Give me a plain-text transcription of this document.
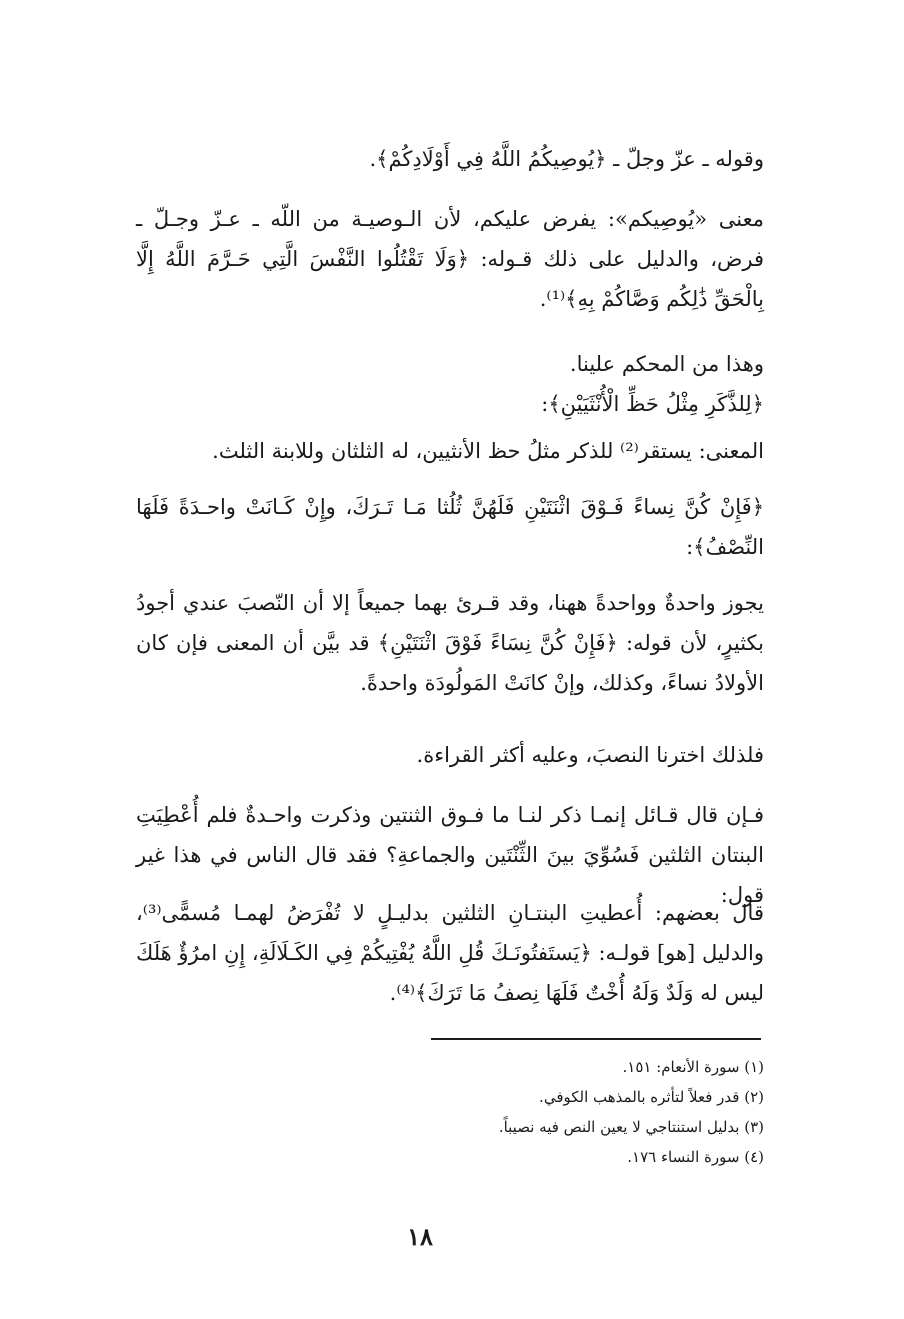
وقوله ـ عزّ وجلّ ـ ﴿يُوصِيكُمُ اللَّهُ فِي أَوْلَادِكُمْ﴾.

معنى «يُوصِيكم»: يفرض عليكم، لأن الـوصيـة من اللّه ـ عـزّ وجـلّ ـ فرض، والدليل على ذلك قـوله: ﴿وَلَا تَقْتُلُوا النَّفْسَ الَّتِي حَـرَّمَ اللَّهُ إِلَّا بِالْحَقِّ ذَٰلِكُم وَصَّاكُمْ بِهِ﴾⁽¹⁾.

وهذا من المحكم علينا.
﴿لِلذَّكَرِ مِثْلُ حَظِّ الْأُنْثَيَيْنِ﴾:

المعنى: يستقر⁽²⁾ للذكر مثلُ حظ الأنثيين، له الثلثان وللابنة الثلث.

﴿فَإِنْ كُنَّ نِساءً فَـوْقَ اثْنَتَيْنِ فَلَهُنَّ ثُلُثا مَـا تَـرَكَ، وإِنْ كَـانَتْ واحـدَةً فَلَهَا النِّصْفُ﴾:

يجوز واحدةٌ وواحدةً ههنا، وقد قـرئ بهما جميعاً إلا أن النّصبَ عندي أجودُ بكثيرٍ، لأن قوله: ﴿فَإِنْ كُنَّ نِسَاءً فَوْقَ اثْنَتَيْنِ﴾ قد بيَّن أن المعنى فإن كان الأولادُ نساءً، وكذلك، وإنْ كانَتْ المَولُودَة واحدةً.

فلذلك اخترنا النصبَ، وعليه أكثر القراءة.

فـإن قال قـائل إنمـا ذكر لنـا ما فـوق الثنتين وذكرت واحـدةٌ فلم أُعْطِيَتِ البنتان الثلثين فَسُوِّيَ بينَ الثِّنْتَين والجماعةِ؟ فقد قال الناس في هذا غير قول:

قال بعضهم: أُعطيتِ البنتـانِ الثلثين بدليـلٍ لا تُفْرَضُ لهمـا مُسمًّى⁽³⁾، والدليل [هو] قولـه: ﴿يَستَفتُونَـكَ قُلِ اللَّهُ يُفْتِيكُمْ فِي الكَـلَالَةِ، إِنِ امرُؤٌ هَلَكَ ليس له وَلَدٌ وَلَهُ أُخْتٌ فَلَهَا نِصفُ مَا تَرَكَ﴾⁽⁴⁾.

(١) سورة الأنعام: ١٥١.
(٢) قدر فعلاً لتأثره بالمذهب الكوفي.
(٣) بدليل استنتاجي لا يعين النص فيه نصيباً.
(٤) سورة النساء ١٧٦.
١٨
